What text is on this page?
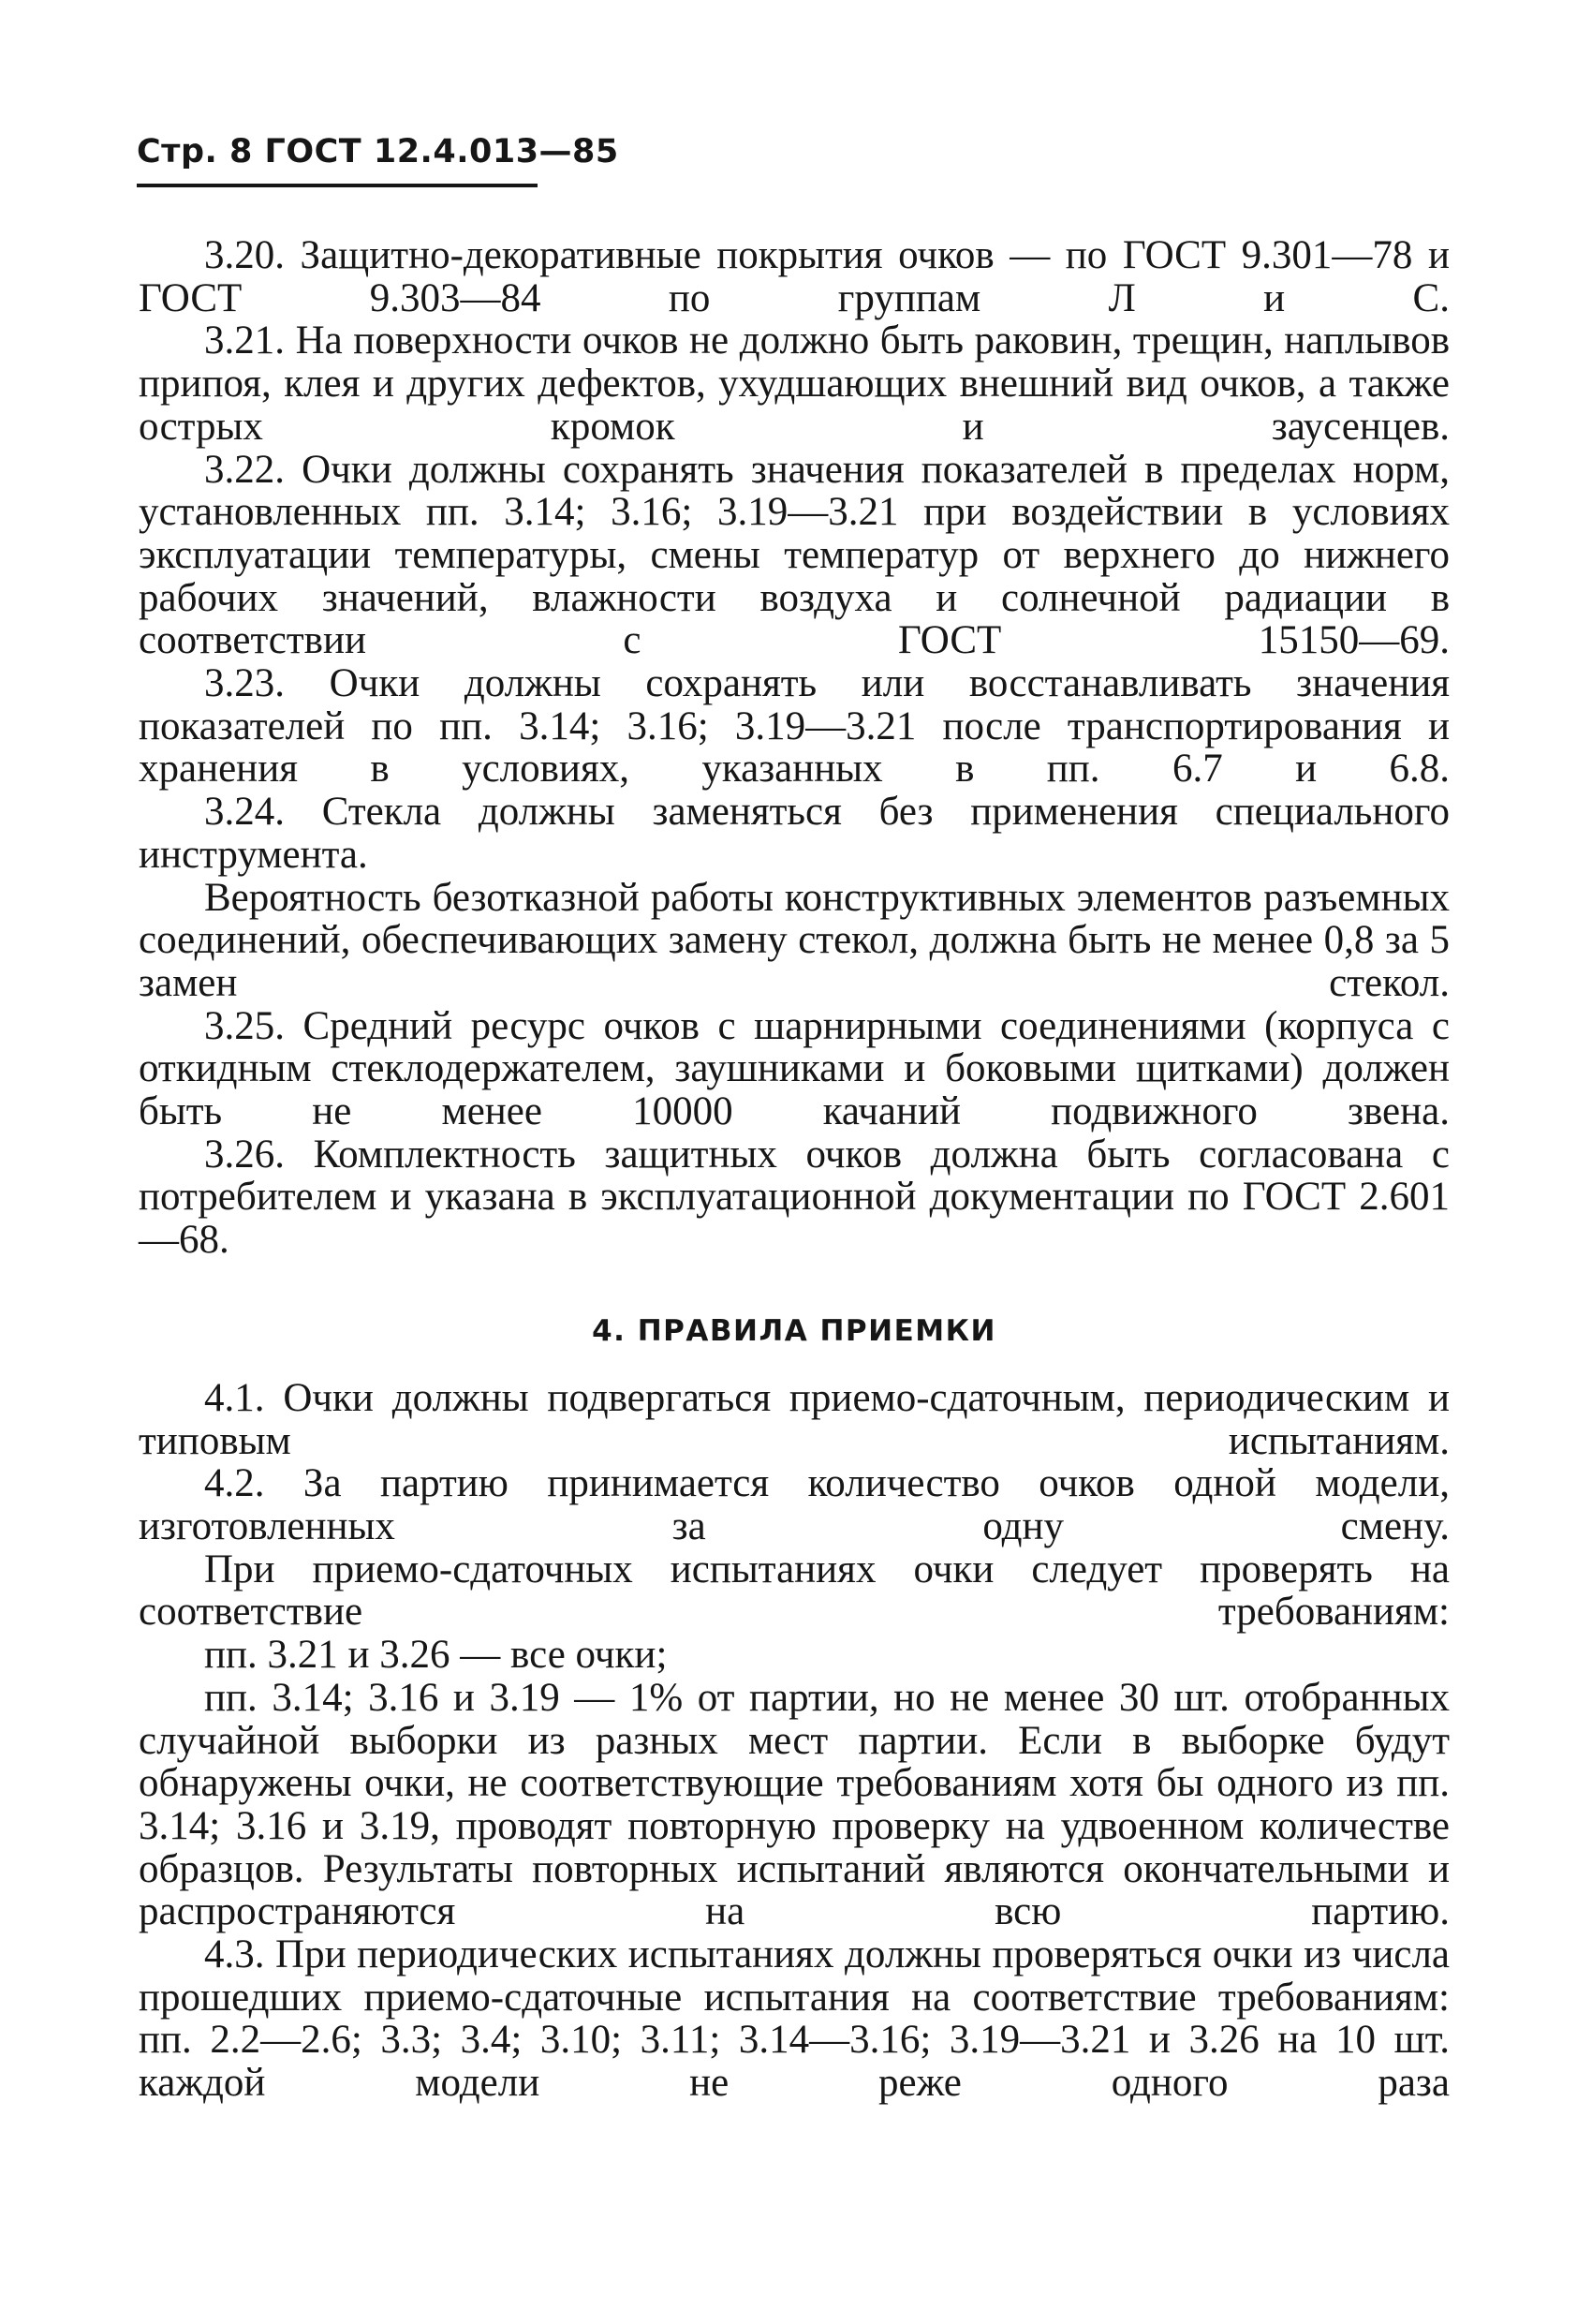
Стр. 8 ГОСТ 12.4.013—85

3.20. Защитно-декоративные покрытия очков — по ГОСТ 9.301—78 и ГОСТ 9.303—84 по группам Л и С.

3.21. На поверхности очков не должно быть раковин, трещин, наплывов припоя, клея и других дефектов, ухудшающих внешний вид очков, а также острых кромок и заусенцев.

3.22. Очки должны сохранять значения показателей в пределах норм, установленных пп. 3.14; 3.16; 3.19—3.21 при воздействии в условиях эксплуатации температуры, смены температур от верхнего до нижнего рабочих значений, влажности воздуха и солнечной радиации в соответствии с ГОСТ 15150—69.

3.23. Очки должны сохранять или восстанавливать значения показателей по пп. 3.14; 3.16; 3.19—3.21 после транспортирования и хранения в условиях, указанных в пп. 6.7 и 6.8.

3.24. Стекла должны заменяться без применения специального инструмента.

Вероятность безотказной работы конструктивных элементов разъемных соединений, обеспечивающих замену стекол, должна быть не менее 0,8 за 5 замен стекол.

3.25. Средний ресурс очков с шарнирными соединениями (корпуса с откидным стеклодержателем, заушниками и боковыми щитками) должен быть не менее 10000 качаний подвижного звена.

3.26. Комплектность защитных очков должна быть согласована с потребителем и указана в эксплуатационной документации по ГОСТ 2.601—68.

4. ПРАВИЛА ПРИЕМКИ

4.1. Очки должны подвергаться приемо-сдаточным, периодическим и типовым испытаниям.

4.2. За партию принимается количество очков одной модели, изготовленных за одну смену.

При приемо-сдаточных испытаниях очки следует проверять на соответствие требованиям:

пп. 3.21 и 3.26 — все очки;

пп. 3.14; 3.16 и 3.19 — 1% от партии, но не менее 30 шт. отобранных случайной выборки из разных мест партии. Если в выборке будут обнаружены очки, не соответствующие требованиям хотя бы одного из пп. 3.14; 3.16 и 3.19, проводят повторную проверку на удвоенном количестве образцов. Результаты повторных испытаний являются окончательными и распространяются на всю партию.

4.3. При периодических испытаниях должны проверяться очки из числа прошедших приемо-сдаточные испытания на соответствие требованиям: пп. 2.2—2.6; 3.3; 3.4; 3.10; 3.11; 3.14—3.16; 3.19—3.21 и 3.26 на 10 шт. каждой модели не реже одного раза
